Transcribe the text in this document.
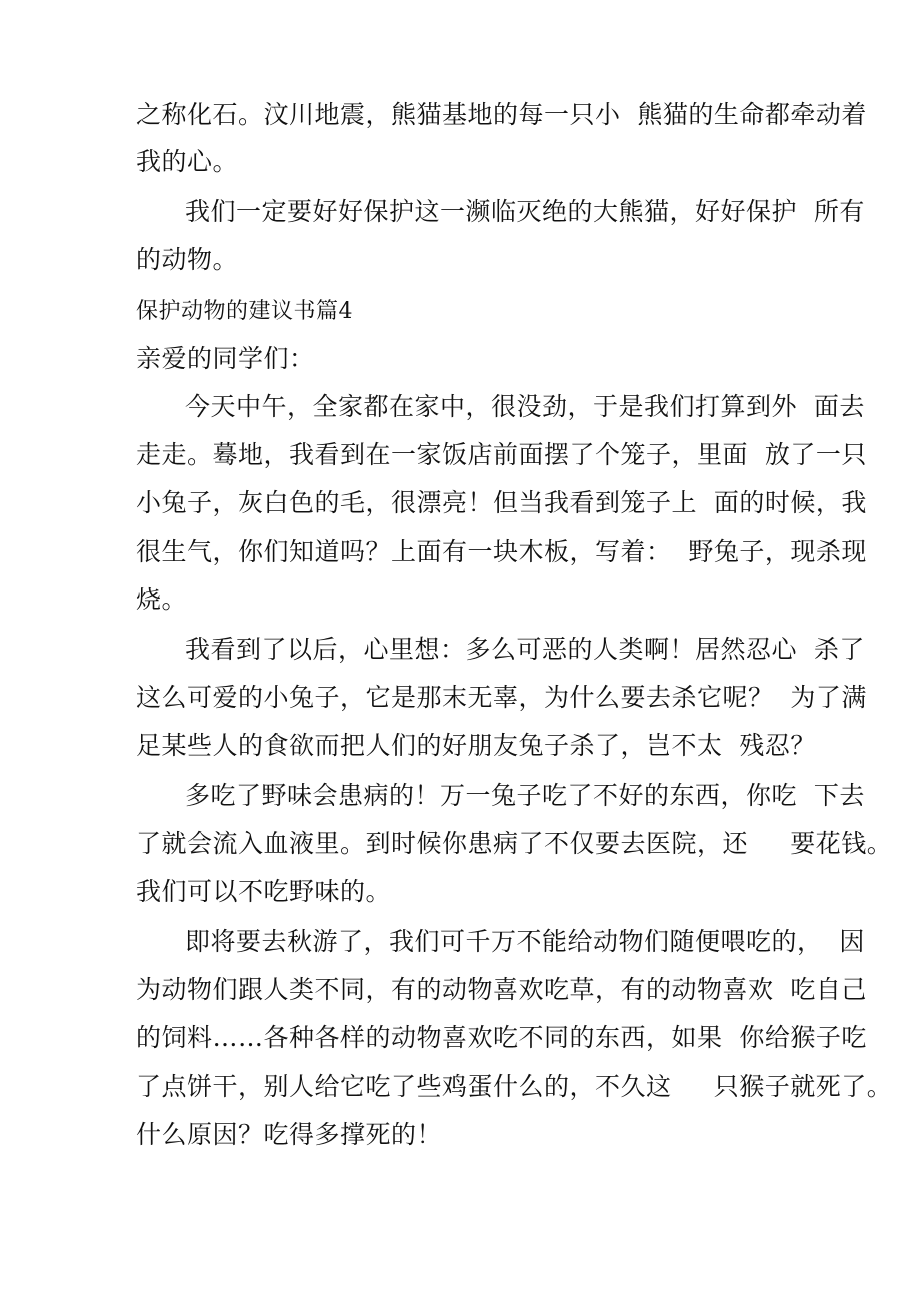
之称化石。汶川地震，熊猫基地的每一只小  熊猫的生命都牵动着
我的心。
我们一定要好好保护这一濒临灭绝的大熊猫，好好保护  所有
的动物。
保护动物的建议书篇4
亲爱的同学们：
今天中午，全家都在家中，很没劲，于是我们打算到外  面去
走走。蓦地，我看到在一家饭店前面摆了个笼子，里面  放了一只
小兔子，灰白色的毛，很漂亮！但当我看到笼子上  面的时候，我
很生气，你们知道吗？上面有一块木板，写着：  野兔子，现杀现
烧。
我看到了以后，心里想：多么可恶的人类啊！居然忍心  杀了
这么可爱的小兔子，它是那末无辜，为什么要去杀它呢？  为了满
足某些人的食欲而把人们的好朋友兔子杀了，岂不太  残忍？
多吃了野味会患病的！万一兔子吃了不好的东西，你吃  下去
了就会流入血液里。到时候你患病了不仅要去医院，还     要花钱。
我们可以不吃野味的。
即将要去秋游了，我们可千万不能给动物们随便喂吃的，  因
为动物们跟人类不同，有的动物喜欢吃草，有的动物喜欢  吃自己
的饲料……各种各样的动物喜欢吃不同的东西，如果  你给猴子吃
了点饼干，别人给它吃了些鸡蛋什么的，不久这     只猴子就死了。
什么原因？吃得多撑死的！
